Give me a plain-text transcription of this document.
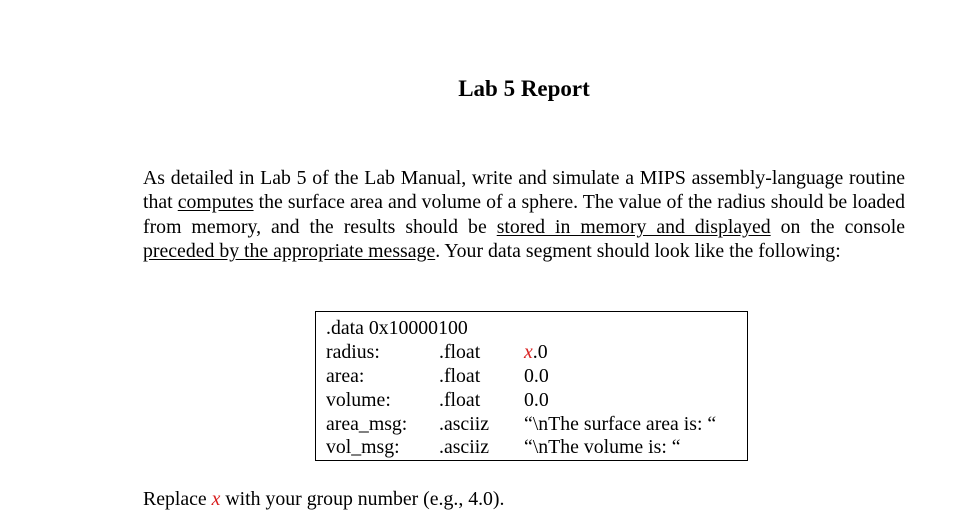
Lab 5 Report
As detailed in Lab 5 of the Lab Manual, write and simulate a MIPS assembly-language routine that computes the surface area and volume of a sphere. The value of the radius should be loaded from memory, and the results should be stored in memory and displayed on the console preceded by the appropriate message. Your data segment should look like the following:
.data 0x10000100
radius:	.float x.0
area:	.float 0.0
volume: .float 0.0
area_msg: .asciiz “\nThe surface area is: “
vol_msg: .asciiz “\nThe volume is: “
Replace x with your group number (e.g., 4.0).
